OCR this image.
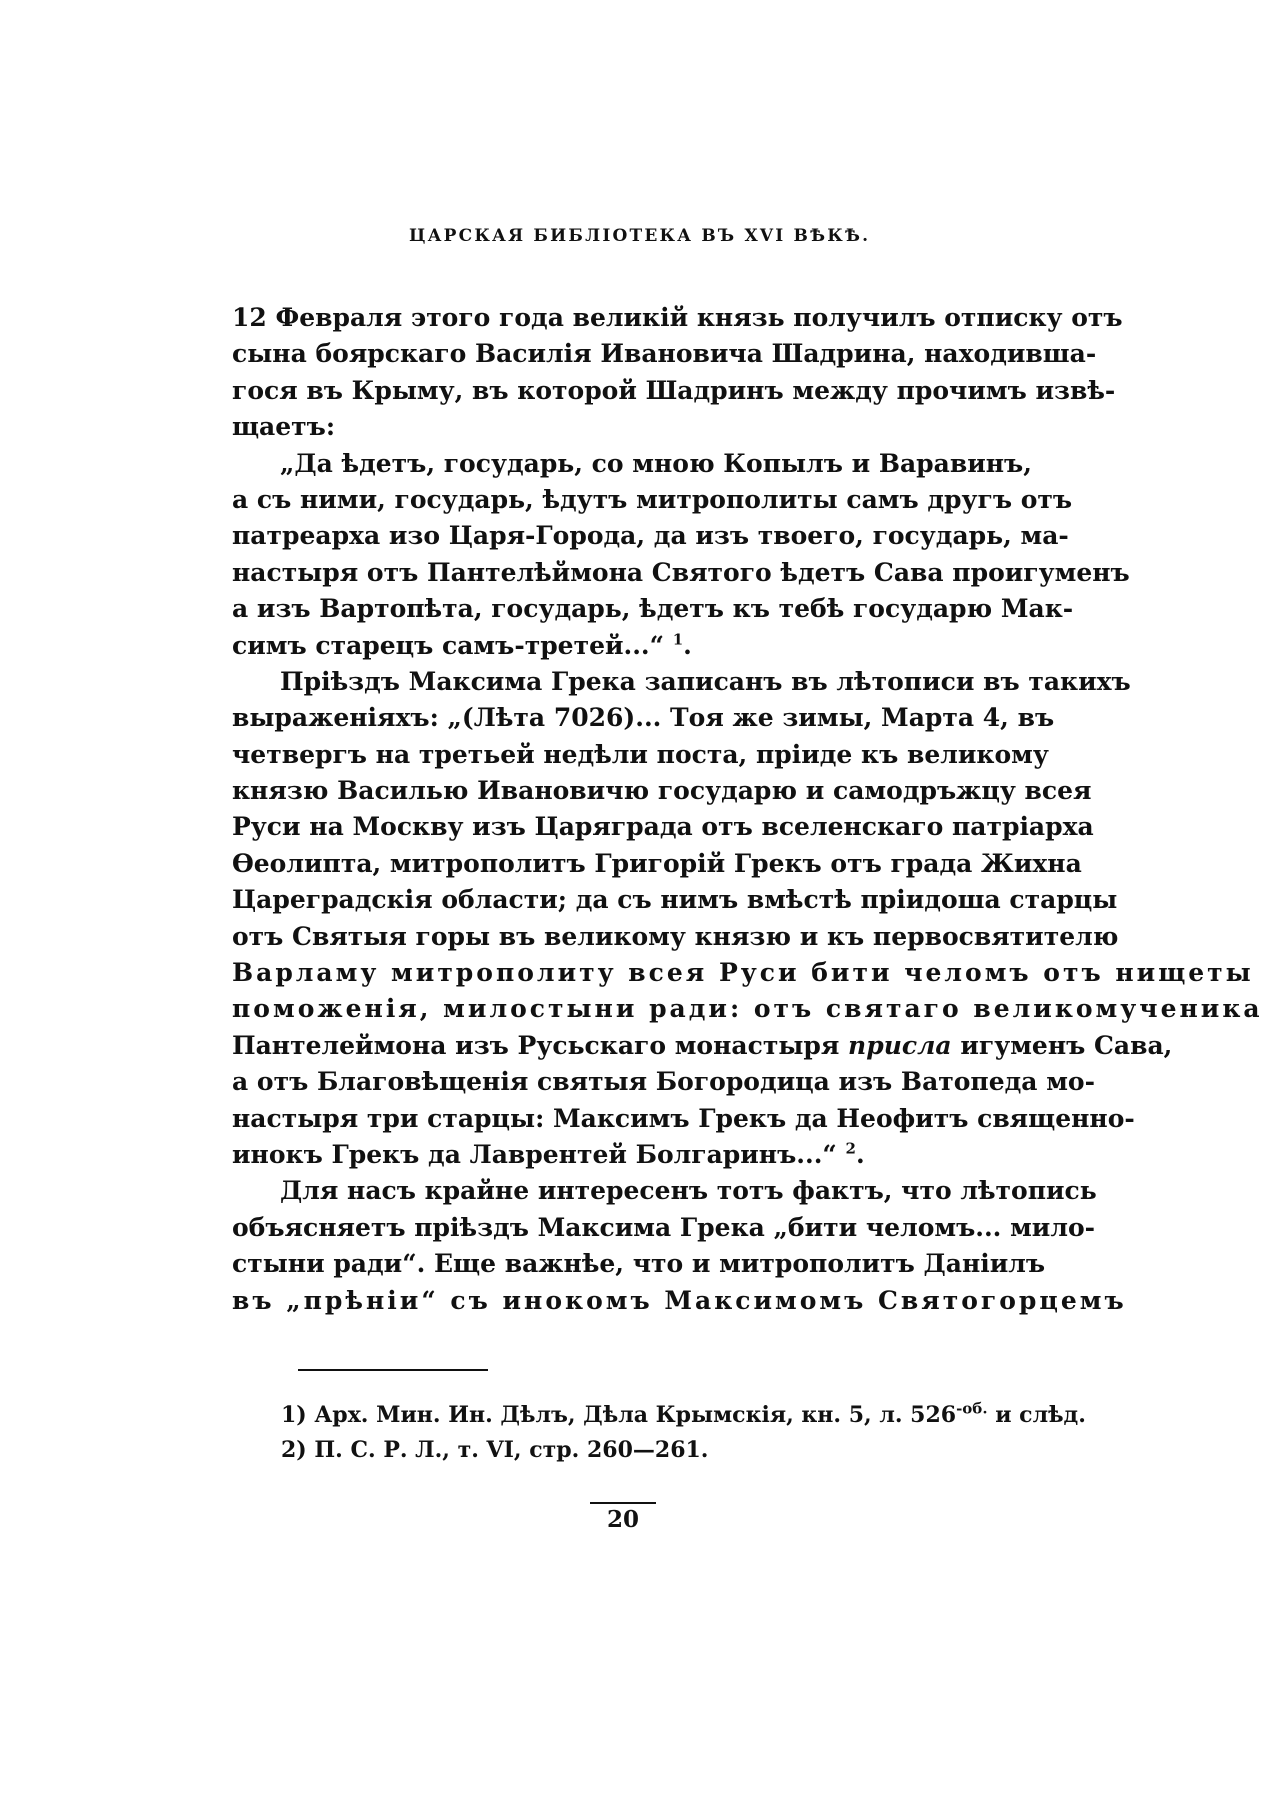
ЦАРСКАЯ БИБЛІОТЕКА ВЪ XVI ВѢКѢ.
12 Февраля этого года великій князь получилъ отписку отъ
сына боярскаго Василія Ивановича Шадрина, находивша-
гося въ Крыму, въ которой Шадринъ между прочимъ извѣ-
щаетъ:
„Да ѣдетъ, государь, со мною Копылъ и Варавинъ,
а съ ними, государь, ѣдутъ митрополиты самъ другъ отъ
патреарха изо Царя-Города, да изъ твоего, государь, ма-
настыря отъ Пантелѣймона Святого ѣдетъ Сава проигуменъ
а изъ Вартопѣта, государь, ѣдетъ къ тебѣ государю Мак-
симъ старецъ самъ-третей...“ $^1$.
Пріѣздъ Максима Грека записанъ въ лѣтописи въ такихъ
выраженіяхъ: „(Лѣта 7026)... Тоя же зимы, Марта 4, въ
четвергъ на третьей недѣли поста, пріиде къ великому
князю Василью Ивановичю государю и самодръжцу всея
Руси на Москву изъ Царяграда отъ вселенскаго патріарха
Ѳеолипта, митрополитъ Григорій Грекъ отъ града Жихна
Цареградскія области; да съ нимъ вмѣстѣ пріидоша старцы
отъ Святыя горы въ великому князю и къ первосвятителю
Варламу митрополиту всея Руси бити челомъ отъ нищеты
поможенія, милостыни ради: отъ святаго великомученика
Пантелеймона изъ Русьскаго монастыря прислa игуменъ Сава,
а отъ Благовѣщенія святыя Богородица изъ Ватопеда мо-
настыря три старцы: Максимъ Грекъ да Неофитъ священно-
инокъ Грекъ да Лаврентей Болгаринъ...“ $^2$.
Для насъ крайне интересенъ тотъ фактъ, что лѣтопись
объясняетъ пріѣздъ Максима Грека „бити челомъ... мило-
стыни ради“. Еще важнѣе, что и митрополитъ Даніилъ
въ „прѣніи“ съ инокомъ Максимомъ Святогорцемъ
1) Арх. Мин. Ин. Дѣлъ, Дѣла Крымскія, кн. 5, л. $526^{-об.}$ и слѣд.
2) П. С. Р. Л., т. VI, стр. 260—261.
20
